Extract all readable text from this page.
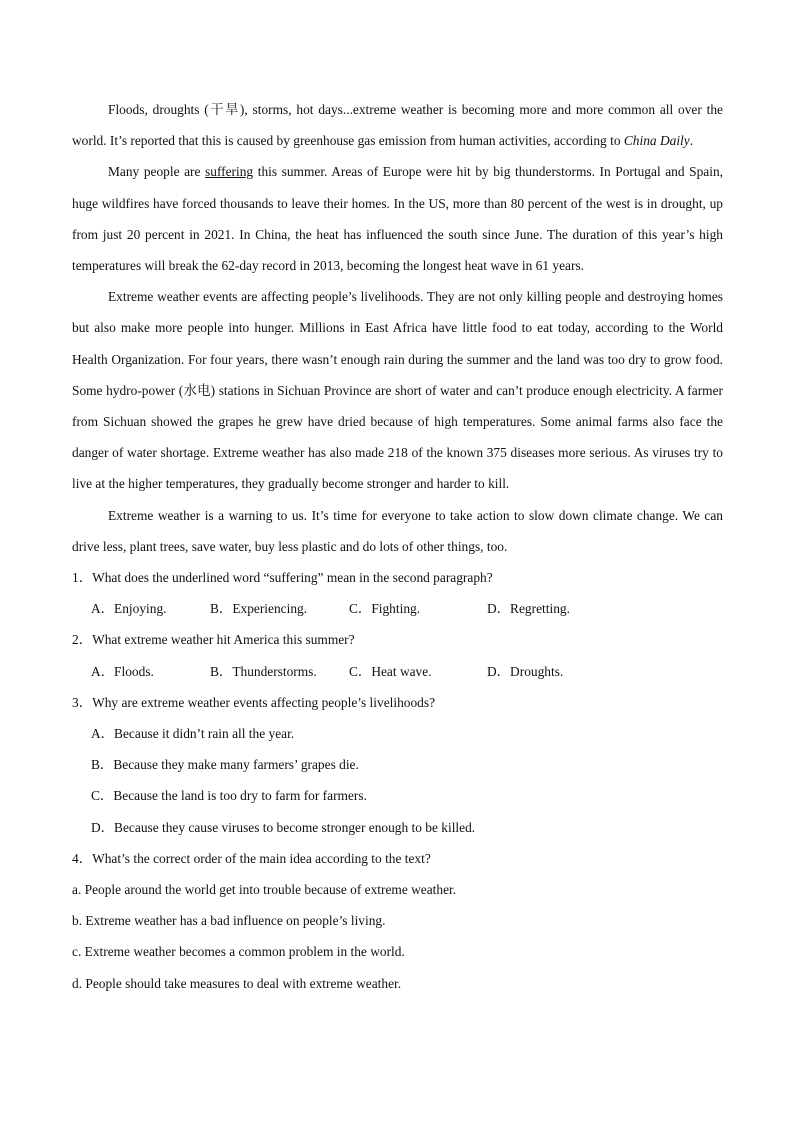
Floods, droughts (干旱), storms, hot days...extreme weather is becoming more and more common all over the world. It’s reported that this is caused by greenhouse gas emission from human activities, according to China Daily.

Many people are suffering this summer. Areas of Europe were hit by big thunderstorms. In Portugal and Spain, huge wildfires have forced thousands to leave their homes. In the US, more than 80 percent of the west is in drought, up from just 20 percent in 2021. In China, the heat has influenced the south since June. The duration of this year’s high temperatures will break the 62-day record in 2013, becoming the longest heat wave in 61 years.

Extreme weather events are affecting people’s livelihoods. They are not only killing people and destroying homes but also make more people into hunger. Millions in East Africa have little food to eat today, according to the World Health Organization. For four years, there wasn’t enough rain during the summer and the land was too dry to grow food. Some hydro-power (水电) stations in Sichuan Province are short of water and can’t produce enough electricity. A farmer from Sichuan showed the grapes he grew have dried because of high temperatures. Some animal farms also face the danger of water shortage. Extreme weather has also made 218 of the known 375 diseases more serious. As viruses try to live at the higher temperatures, they gradually become stronger and harder to kill.

Extreme weather is a warning to us. It’s time for everyone to take action to slow down climate change. We can drive less, plant trees, save water, buy less plastic and do lots of other things, too.

1．What does the underlined word “suffering” mean in the second paragraph?

A．Enjoying.	B．Experiencing.	C．Fighting.	D．Regretting.

2．What extreme weather hit America this summer?

A．Floods.	B．Thunderstorms.	C．Heat wave.	D．Droughts.

3．Why are extreme weather events affecting people’s livelihoods?

A．Because it didn’t rain all the year.

B．Because they make many farmers’ grapes die.

C．Because the land is too dry to farm for farmers.

D．Because they cause viruses to become stronger enough to be killed.

4．What’s the correct order of the main idea according to the text?

a. People around the world get into trouble because of extreme weather.

b. Extreme weather has a bad influence on people’s living.

c. Extreme weather becomes a common problem in the world.

d. People should take measures to deal with extreme weather.
